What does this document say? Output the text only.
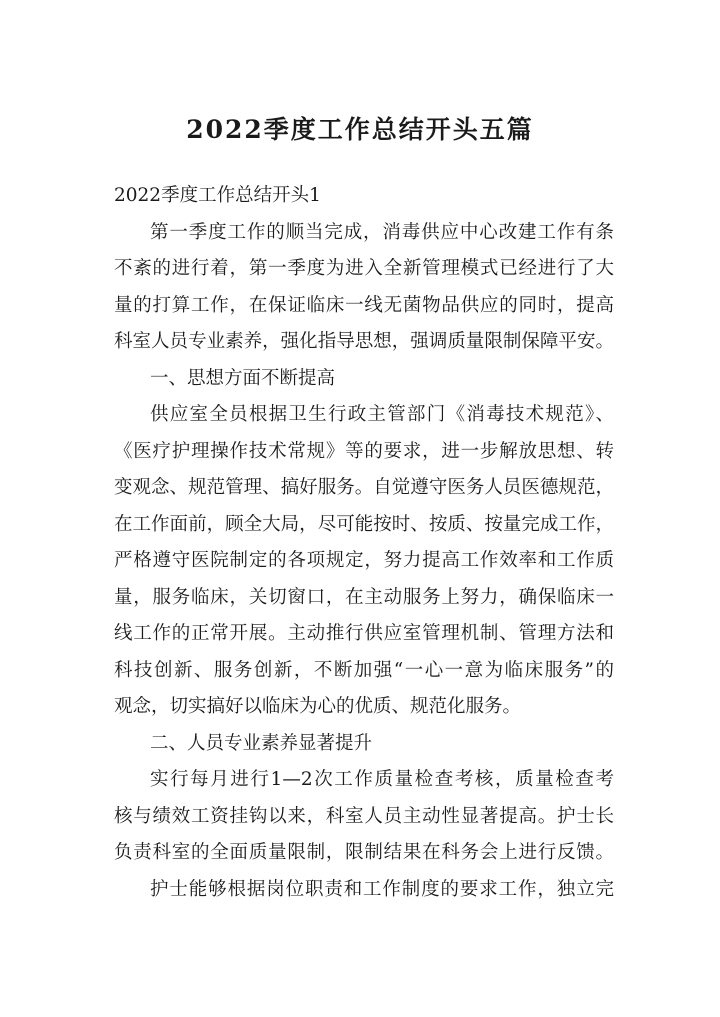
2022季度工作总结开头五篇
2022季度工作总结开头1
第一季度工作的顺当完成，消毒供应中心改建工作有条
不紊的进行着，第一季度为进入全新管理模式已经进行了大
量的打算工作，在保证临床一线无菌物品供应的同时，提高
科室人员专业素养，强化指导思想，强调质量限制保障平安。
一、思想方面不断提高
供应室全员根据卫生行政主管部门《消毒技术规范》、
《医疗护理操作技术常规》等的要求，进一步解放思想、转
变观念、规范管理、搞好服务。自觉遵守医务人员医德规范，
在工作面前，顾全大局，尽可能按时、按质、按量完成工作，
严格遵守医院制定的各项规定，努力提高工作效率和工作质
量，服务临床，关切窗口，在主动服务上努力，确保临床一
线工作的正常开展。主动推行供应室管理机制、管理方法和
科技创新、服务创新，不断加强“一心一意为临床服务”的
观念，切实搞好以临床为心的优质、规范化服务。
二、人员专业素养显著提升
实行每月进行1—2次工作质量检查考核，质量检查考
核与绩效工资挂钩以来，科室人员主动性显著提高。护士长
负责科室的全面质量限制，限制结果在科务会上进行反馈。
护士能够根据岗位职责和工作制度的要求工作，独立完
